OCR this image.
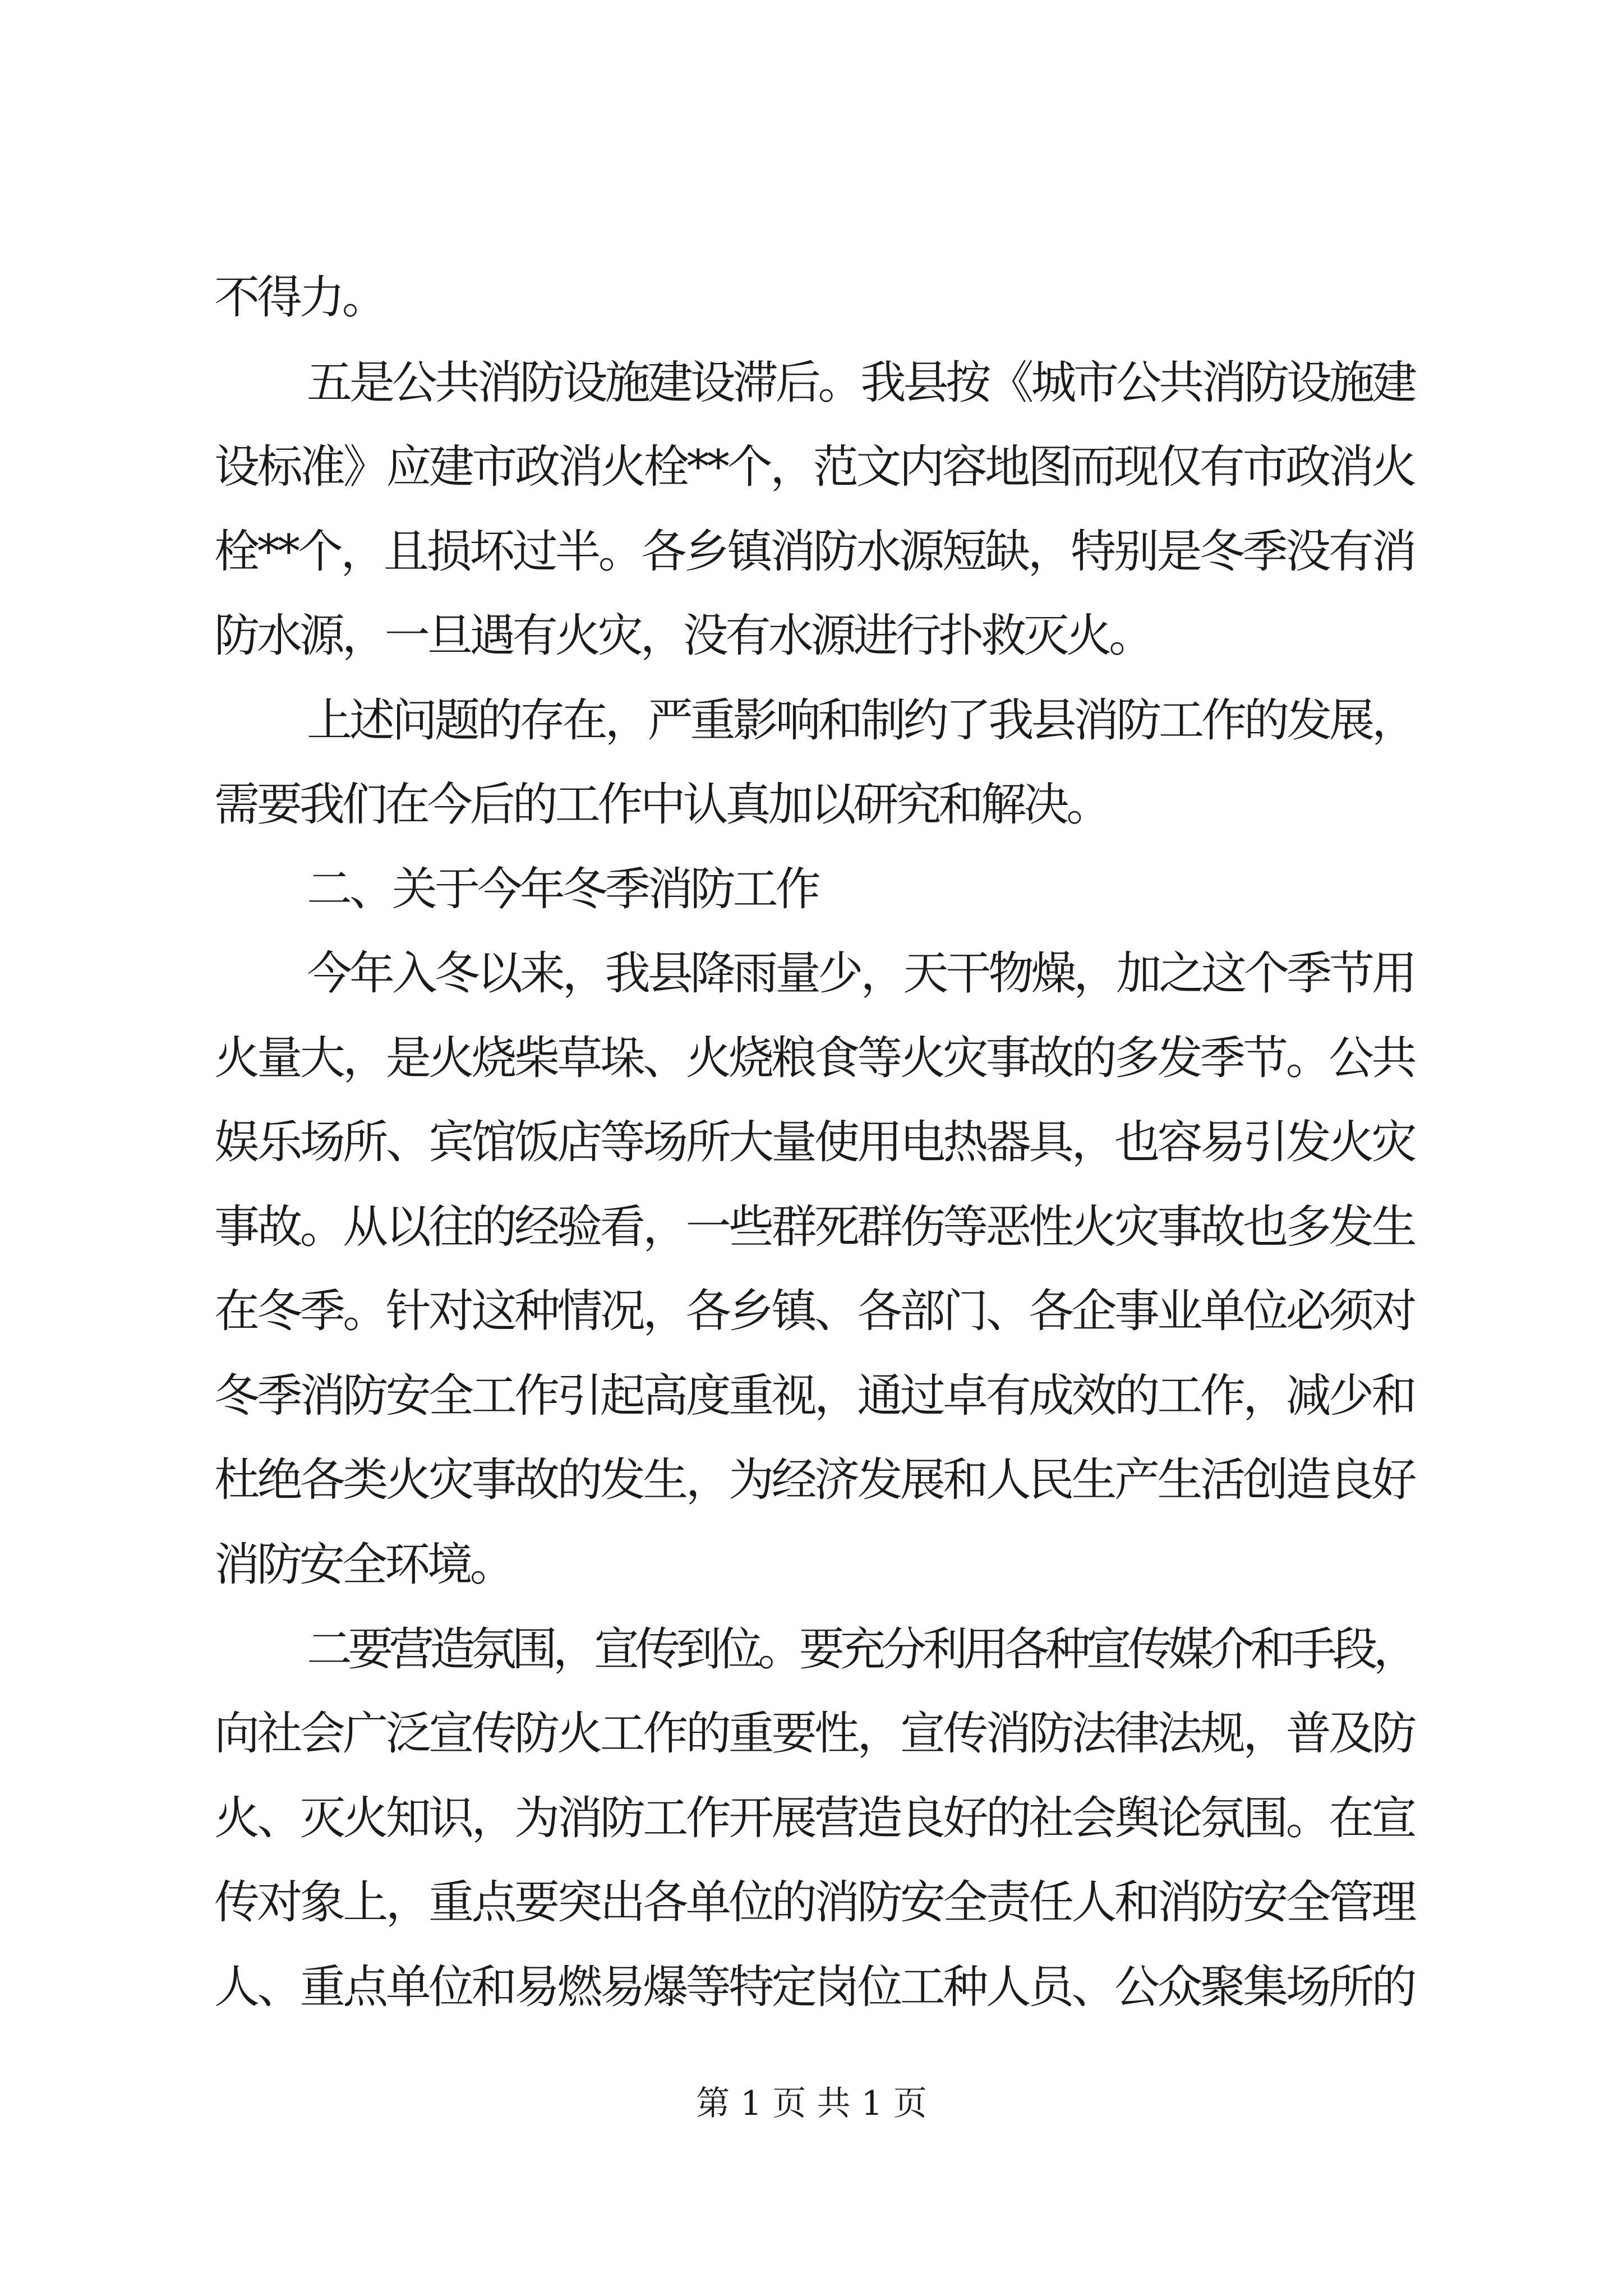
不得力。
五是公共消防设施建设滞后。我县按《城市公共消防设施建
设标准》应建市政消火栓**个，范文内容地图而现仅有市政消火
栓**个，且损坏过半。各乡镇消防水源短缺，特别是冬季没有消
防水源，一旦遇有火灾，没有水源进行扑救灭火。
上述问题的存在，严重影响和制约了我县消防工作的发展，
需要我们在今后的工作中认真加以研究和解决。
二、关于今年冬季消防工作
今年入冬以来，我县降雨量少，天干物燥，加之这个季节用
火量大，是火烧柴草垛、火烧粮食等火灾事故的多发季节。公共
娱乐场所、宾馆饭店等场所大量使用电热器具，也容易引发火灾
事故。从以往的经验看，一些群死群伤等恶性火灾事故也多发生
在冬季。针对这种情况，各乡镇、各部门、各企事业单位必须对
冬季消防安全工作引起高度重视，通过卓有成效的工作，减少和
杜绝各类火灾事故的发生，为经济发展和人民生产生活创造良好
消防安全环境。
二要营造氛围，宣传到位。要充分利用各种宣传媒介和手段，
向社会广泛宣传防火工作的重要性，宣传消防法律法规，普及防
火、灭火知识，为消防工作开展营造良好的社会舆论氛围。在宣
传对象上，重点要突出各单位的消防安全责任人和消防安全管理
人、重点单位和易燃易爆等特定岗位工种人员、公众聚集场所的
第 1 页 共 1 页
